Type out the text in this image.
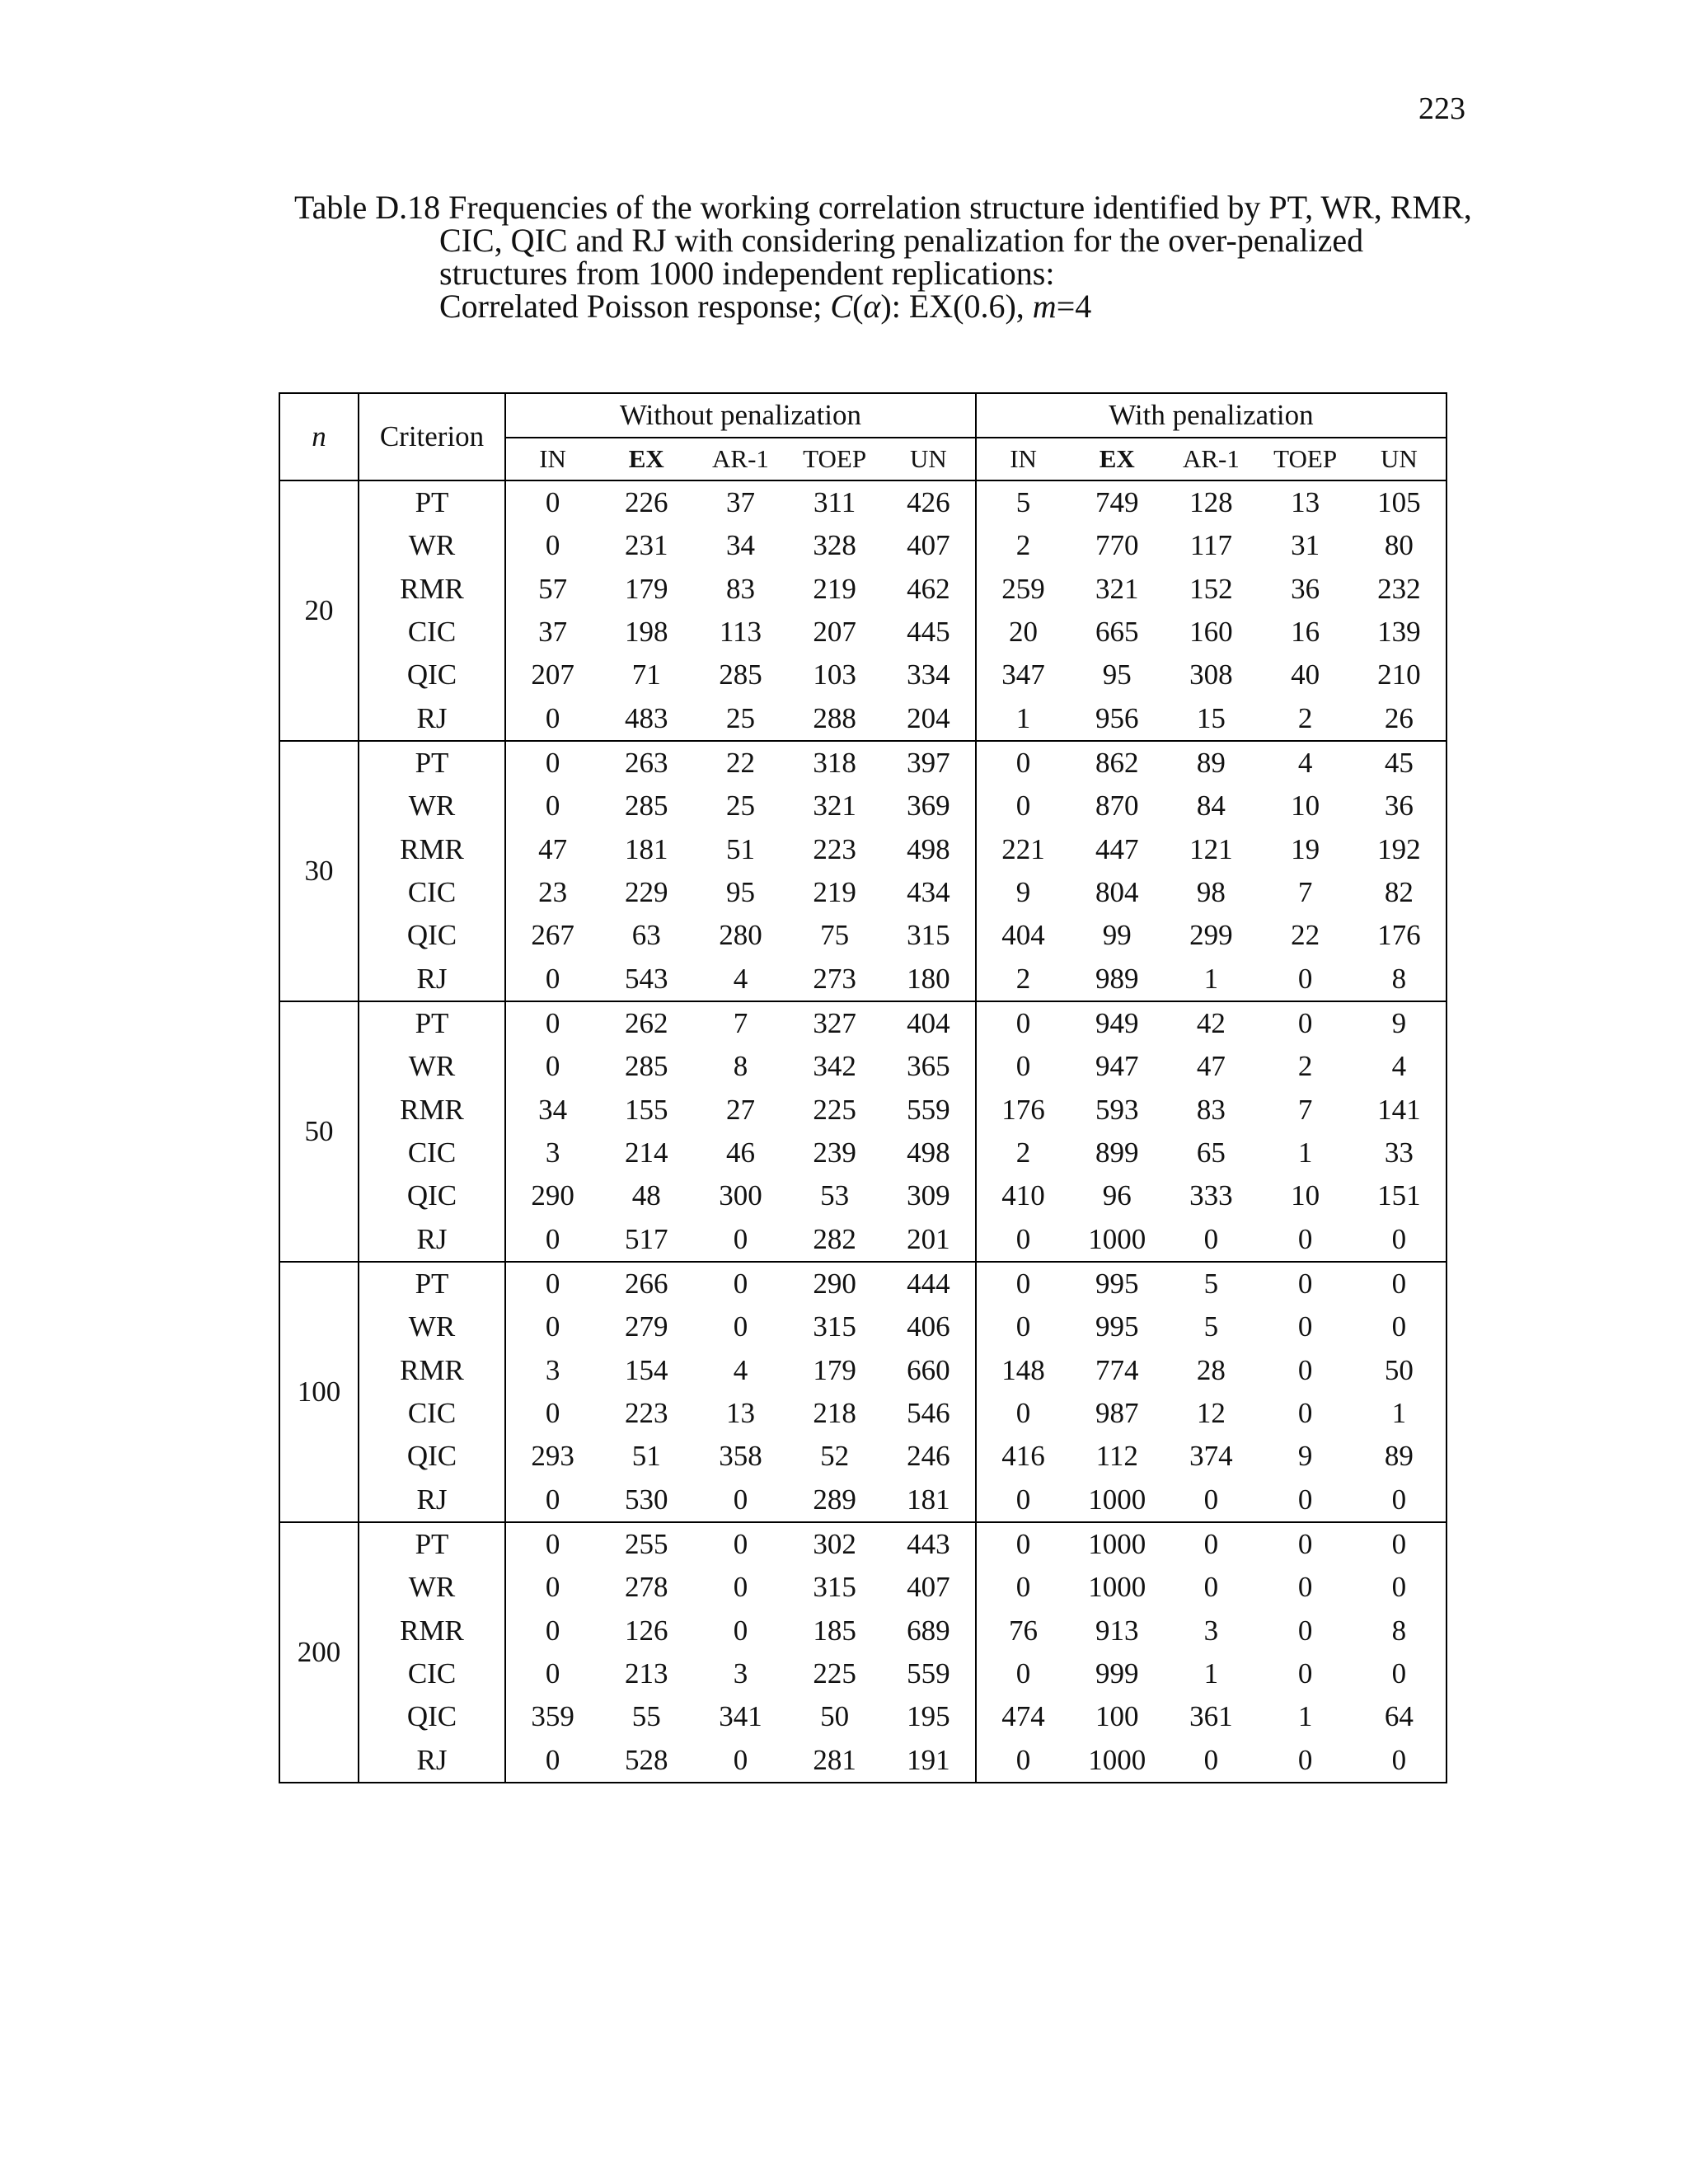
223

Table D.18 Frequencies of the working correlation structure identified by PT, WR, RMR,

CIC, QIC and RJ with considering penalization for the over-penalized

structures from 1000 independent replications:

Correlated Poisson response; C(α): EX(0.6), m=4

n	Criterion	Without penalization					With penalization				
		IN	EX	AR-1	TOEP	UN	IN	EX	AR-1	TOEP	UN
20	PT	0	226	37	311	426	5	749	128	13	105
	WR	0	231	34	328	407	2	770	117	31	80
	RMR	57	179	83	219	462	259	321	152	36	232
	CIC	37	198	113	207	445	20	665	160	16	139
	QIC	207	71	285	103	334	347	95	308	40	210
	RJ	0	483	25	288	204	1	956	15	2	26
30	PT	0	263	22	318	397	0	862	89	4	45
	WR	0	285	25	321	369	0	870	84	10	36
	RMR	47	181	51	223	498	221	447	121	19	192
	CIC	23	229	95	219	434	9	804	98	7	82
	QIC	267	63	280	75	315	404	99	299	22	176
	RJ	0	543	4	273	180	2	989	1	0	8
50	PT	0	262	7	327	404	0	949	42	0	9
	WR	0	285	8	342	365	0	947	47	2	4
	RMR	34	155	27	225	559	176	593	83	7	141
	CIC	3	214	46	239	498	2	899	65	1	33
	QIC	290	48	300	53	309	410	96	333	10	151
	RJ	0	517	0	282	201	0	1000	0	0	0
100	PT	0	266	0	290	444	0	995	5	0	0
	WR	0	279	0	315	406	0	995	5	0	0
	RMR	3	154	4	179	660	148	774	28	0	50
	CIC	0	223	13	218	546	0	987	12	0	1
	QIC	293	51	358	52	246	416	112	374	9	89
	RJ	0	530	0	289	181	0	1000	0	0	0
200	PT	0	255	0	302	443	0	1000	0	0	0
	WR	0	278	0	315	407	0	1000	0	0	0
	RMR	0	126	0	185	689	76	913	3	0	8
	CIC	0	213	3	225	559	0	999	1	0	0
	QIC	359	55	341	50	195	474	100	361	1	64
	RJ	0	528	0	281	191	0	1000	0	0	0
